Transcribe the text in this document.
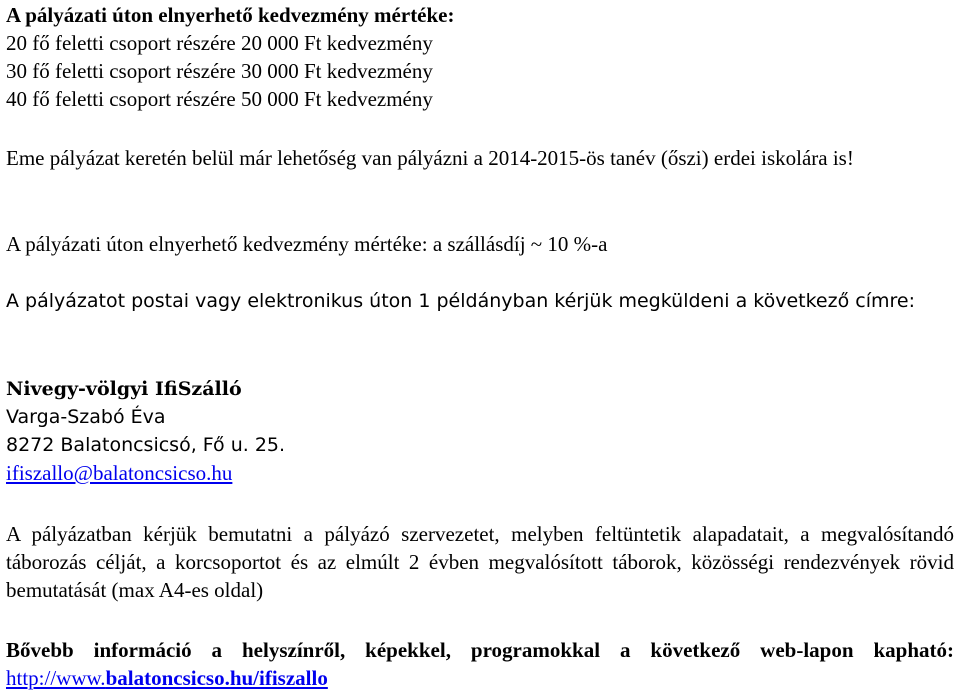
A pályázati úton elnyerhető kedvezmény mértéke:
20 fő feletti csoport részére 20 000 Ft kedvezmény
30 fő feletti csoport részére 30 000 Ft kedvezmény
40 fő feletti csoport részére 50 000 Ft kedvezmény

Eme pályázat keretén belül már lehetőség van pályázni a 2014-2015-ös tanév (őszi) erdei iskolára is!

A pályázati úton elnyerhető kedvezmény mértéke: a szállásdíj ~ 10 %-a

A pályázatot postai vagy elektronikus úton 1 példányban kérjük megküldeni a következő címre:

Nivegy-völgyi IfiSzálló
Varga-Szabó Éva
8272 Balatoncsicsó, Fő u. 25.
ifiszallo@balatoncsicso.hu

A pályázatban kérjük bemutatni a pályázó szervezetet, melyben feltüntetik alapadatait, a megvalósítandó táborozás célját, a korcsoportot és az elmúlt 2 évben megvalósított táborok, közösségi rendezvények rövid bemutatását (max A4-es oldal)

Bővebb információ a helyszínről, képekkel, programokkal a következő web-lapon kapható: http://www.balatoncsicso.hu/ifiszallo
